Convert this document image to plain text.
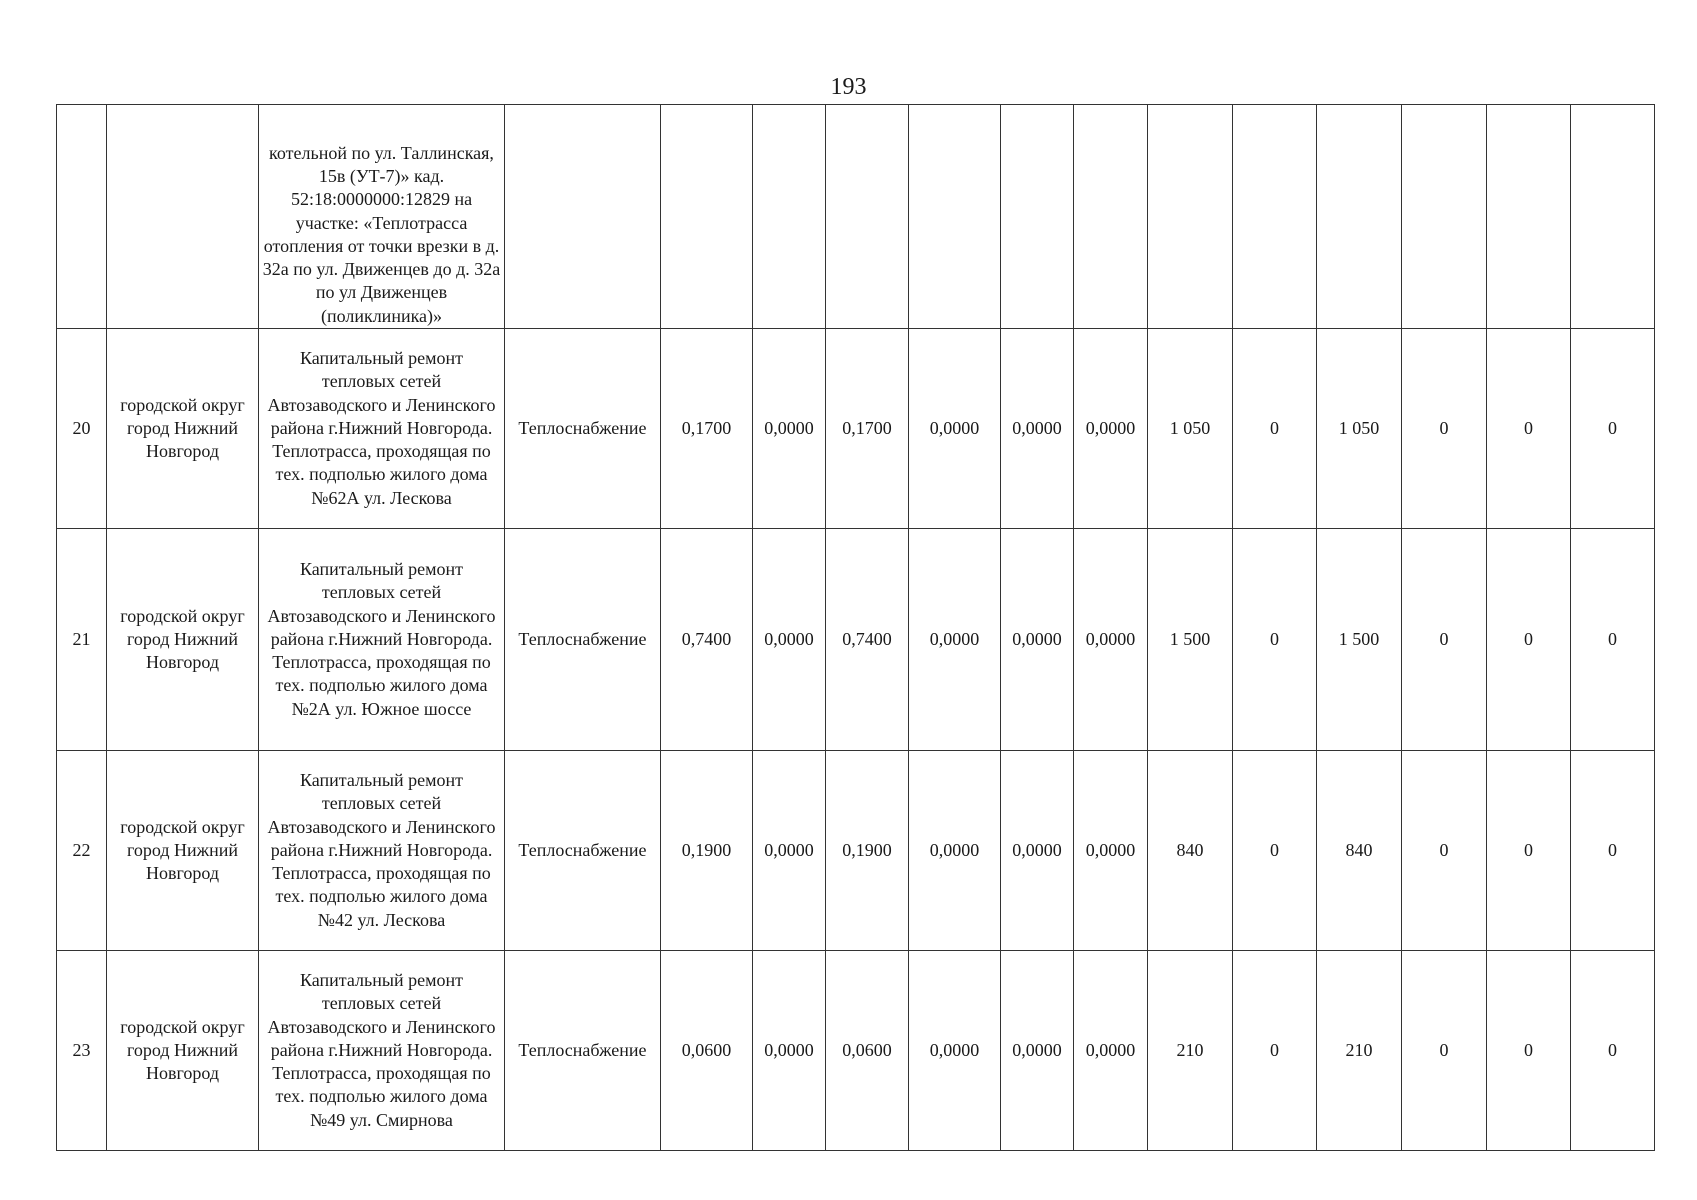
193
		котельной по ул. Таллинская, 15в (УТ-7)» кад. 52:18:0000000:12829 на участке: «Теплотрасса отопления от точки врезки в д. 32а по ул. Движенцев до д. 32а по ул Движенцев (поликлиника)»													
20	городской округ город Нижний Новгород	Капитальный ремонт тепловых сетей Автозаводского и Ленинского района г.Нижний Новгорода. Теплотрасса, проходящая по тех. подполью жилого дома №62А ул. Лескова	Теплоснабжение	0,1700	0,0000	0,1700	0,0000	0,0000	0,0000	1 050	0	1 050	0	0	0
21	городской округ город Нижний Новгород	Капитальный ремонт тепловых сетей Автозаводского и Ленинского района г.Нижний Новгорода. Теплотрасса, проходящая по тех. подполью жилого дома №2А ул. Южное шоссе	Теплоснабжение	0,7400	0,0000	0,7400	0,0000	0,0000	0,0000	1 500	0	1 500	0	0	0
22	городской округ город Нижний Новгород	Капитальный ремонт тепловых сетей Автозаводского и Ленинского района г.Нижний Новгорода. Теплотрасса, проходящая по тех. подполью жилого дома №42 ул. Лескова	Теплоснабжение	0,1900	0,0000	0,1900	0,0000	0,0000	0,0000	840	0	840	0	0	0
23	городской округ город Нижний Новгород	Капитальный ремонт тепловых сетей Автозаводского и Ленинского района г.Нижний Новгорода. Теплотрасса, проходящая по тех. подполью жилого дома №49 ул. Смирнова	Теплоснабжение	0,0600	0,0000	0,0600	0,0000	0,0000	0,0000	210	0	210	0	0	0
